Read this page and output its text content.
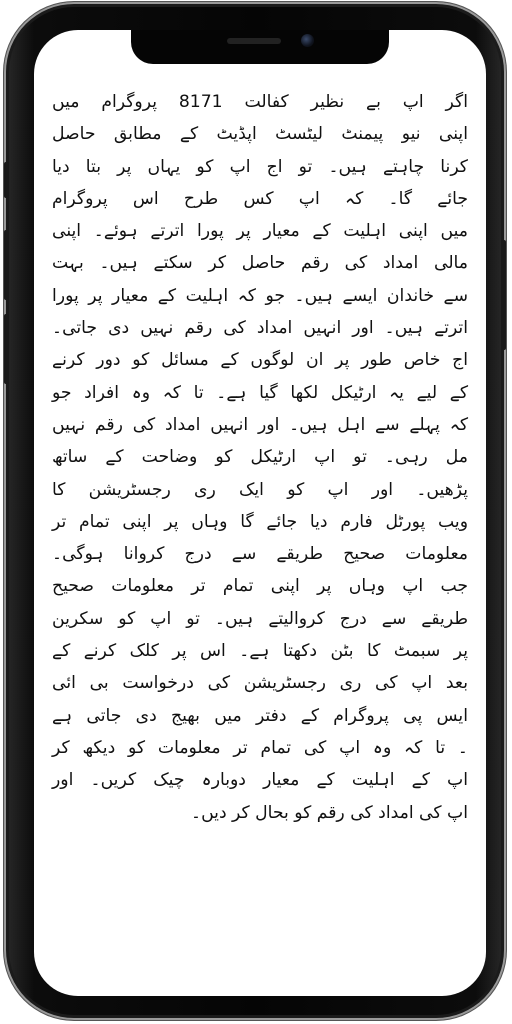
اگر اپ بے نظیر کفالت 8171 پروگرام میں
اپنی نیو پیمنٹ لیٹسٹ اپڈیٹ کے مطابق حاصل
کرنا چاہتے ہیں۔ تو اج اپ کو یہاں پر بتا دیا
جائے گا۔ کہ اپ کس طرح اس پروگرام
میں اپنی اہلیت کے معیار پر پورا اترتے ہوئے۔ اپنی
مالی امداد کی رقم حاصل کر سکتے ہیں۔ بہت
سے خاندان ایسے ہیں۔ جو کہ اہلیت کے معیار پر پورا
اترتے ہیں۔ اور انہیں امداد کی رقم نہیں دی جاتی۔
اج خاص طور پر ان لوگوں کے مسائل کو دور کرنے
کے لیے یہ ارٹیکل لکھا گیا ہے۔ تا کہ وہ افراد جو
کہ پہلے سے اہل ہیں۔ اور انہیں امداد کی رقم نہیں
مل رہی۔ تو اپ ارٹیکل کو وضاحت کے ساتھ
پڑھیں۔ اور اپ کو ایک ری رجسٹریشن کا
ویب پورٹل فارم دیا جائے گا وہاں پر اپنی تمام تر
معلومات صحیح طریقے سے درج کروانا ہوگی۔
جب اپ وہاں پر اپنی تمام تر معلومات صحیح
طریقے سے درج کروالیتے ہیں۔ تو اپ کو سکرین
پر سبمٹ کا بٹن دکھتا ہے۔ اس پر کلک کرنے کے
بعد اپ کی ری رجسٹریشن کی درخواست بی ائی
ایس پی پروگرام کے دفتر میں بھیج دی جاتی ہے
۔ تا کہ وہ اپ کی تمام تر معلومات کو دیکھ کر
اپ کے اہلیت کے معیار دوبارہ چیک کریں۔ اور
اپ کی امداد کی رقم کو بحال کر دیں۔
